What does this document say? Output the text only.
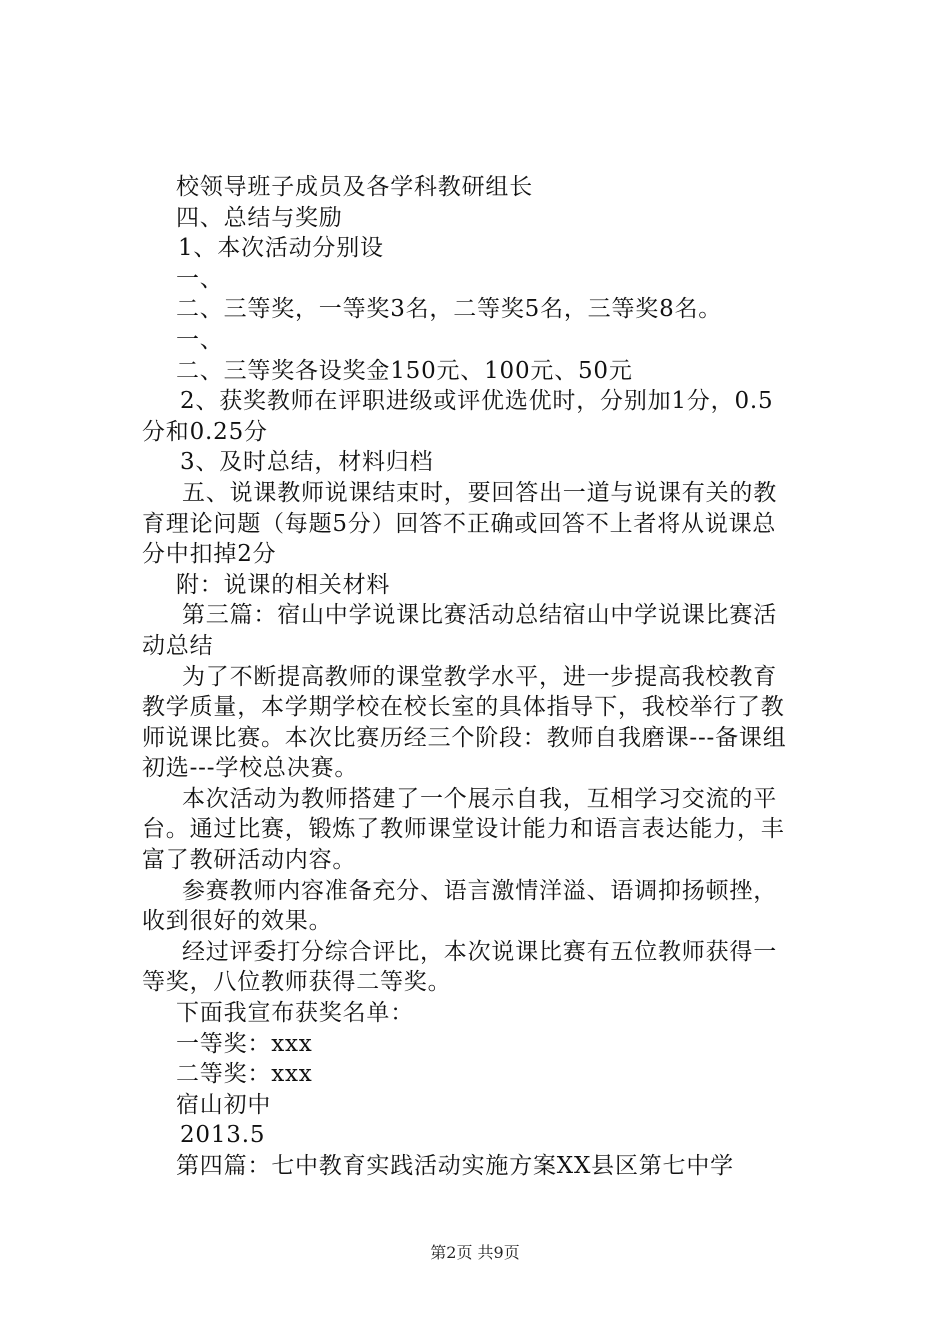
校领导班子成员及各学科教研组长
四、总结与奖励
1、本次活动分别设
一、
二、三等奖，一等奖3名，二等奖5名，三等奖8名。
一、
二、三等奖各设奖金150元、100元、50元
2、获奖教师在评职进级或评优选优时，分别加1分，0.5
分和0.25分
3、及时总结，材料归档
五、说课教师说课结束时，要回答出一道与说课有关的教
育理论问题（每题5分）回答不正确或回答不上者将从说课总
分中扣掉2分
附：说课的相关材料
第三篇：宿山中学说课比赛活动总结宿山中学说课比赛活
动总结
为了不断提高教师的课堂教学水平，进一步提高我校教育
教学质量，本学期学校在校长室的具体指导下，我校举行了教
师说课比赛。本次比赛历经三个阶段：教师自我磨课---备课组
初选---学校总决赛。
本次活动为教师搭建了一个展示自我，互相学习交流的平
台。通过比赛，锻炼了教师课堂设计能力和语言表达能力，丰
富了教研活动内容。
参赛教师内容准备充分、语言激情洋溢、语调抑扬顿挫，
收到很好的效果。
经过评委打分综合评比，本次说课比赛有五位教师获得一
等奖，八位教师获得二等奖。
下面我宣布获奖名单：
一等奖：xxx
二等奖：xxx
宿山初中
2013.5
第四篇：七中教育实践活动实施方案XX县区第七中学
第2页 共9页
